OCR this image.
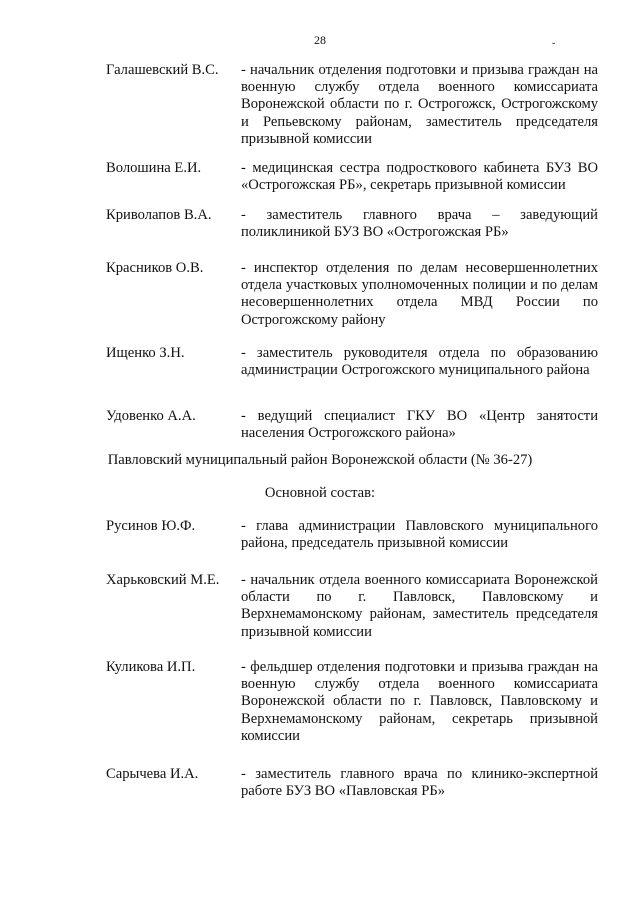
28
˘
Галашевский В.С. - начальник отделения подготовки и призыва граждан на военную службу отдела военного комиссариата Воронежской области по г. Острогожск, Острогожскому и Репьевскому районам, заместитель председателя призывной комиссии
Волошина Е.И.	- медицинская сестра подросткового кабинета БУЗ ВО «Острогожская РБ», секретарь призывной комиссии
Криволапов В.А. - заместитель главного врача – заведующий поликлиникой БУЗ ВО «Острогожская РБ»
Красников О.В.	- инспектор отделения по делам несовершеннолетних отдела участковых уполномоченных полиции и по делам несовершеннолетних отдела МВД России по Острогожскому району
Ищенко З.Н.	- заместитель руководителя отдела по образованию администрации Острогожского муниципального района
Удовенко А.А.	- ведущий специалист ГКУ ВО «Центр занятости населения Острогожского района»
Павловский муниципальный район Воронежской области (№ 36-27)
Основной состав:
Русинов Ю.Ф.	- глава администрации Павловского муниципального района, председатель призывной комиссии
Харьковский М.Е. - начальник отдела военного комиссариата Воронежской области по г. Павловск, Павловскому и Верхнемамонскому районам, заместитель председателя призывной комиссии
Куликова И.П.	- фельдшер отделения подготовки и призыва граждан на военную службу отдела военного комиссариата Воронежской области по г. Павловск, Павловскому и Верхнемамонскому районам, секретарь призывной комиссии
Сарычева И.А.	- заместитель главного врача по клинико-экспертной работе БУЗ ВО «Павловская РБ»
